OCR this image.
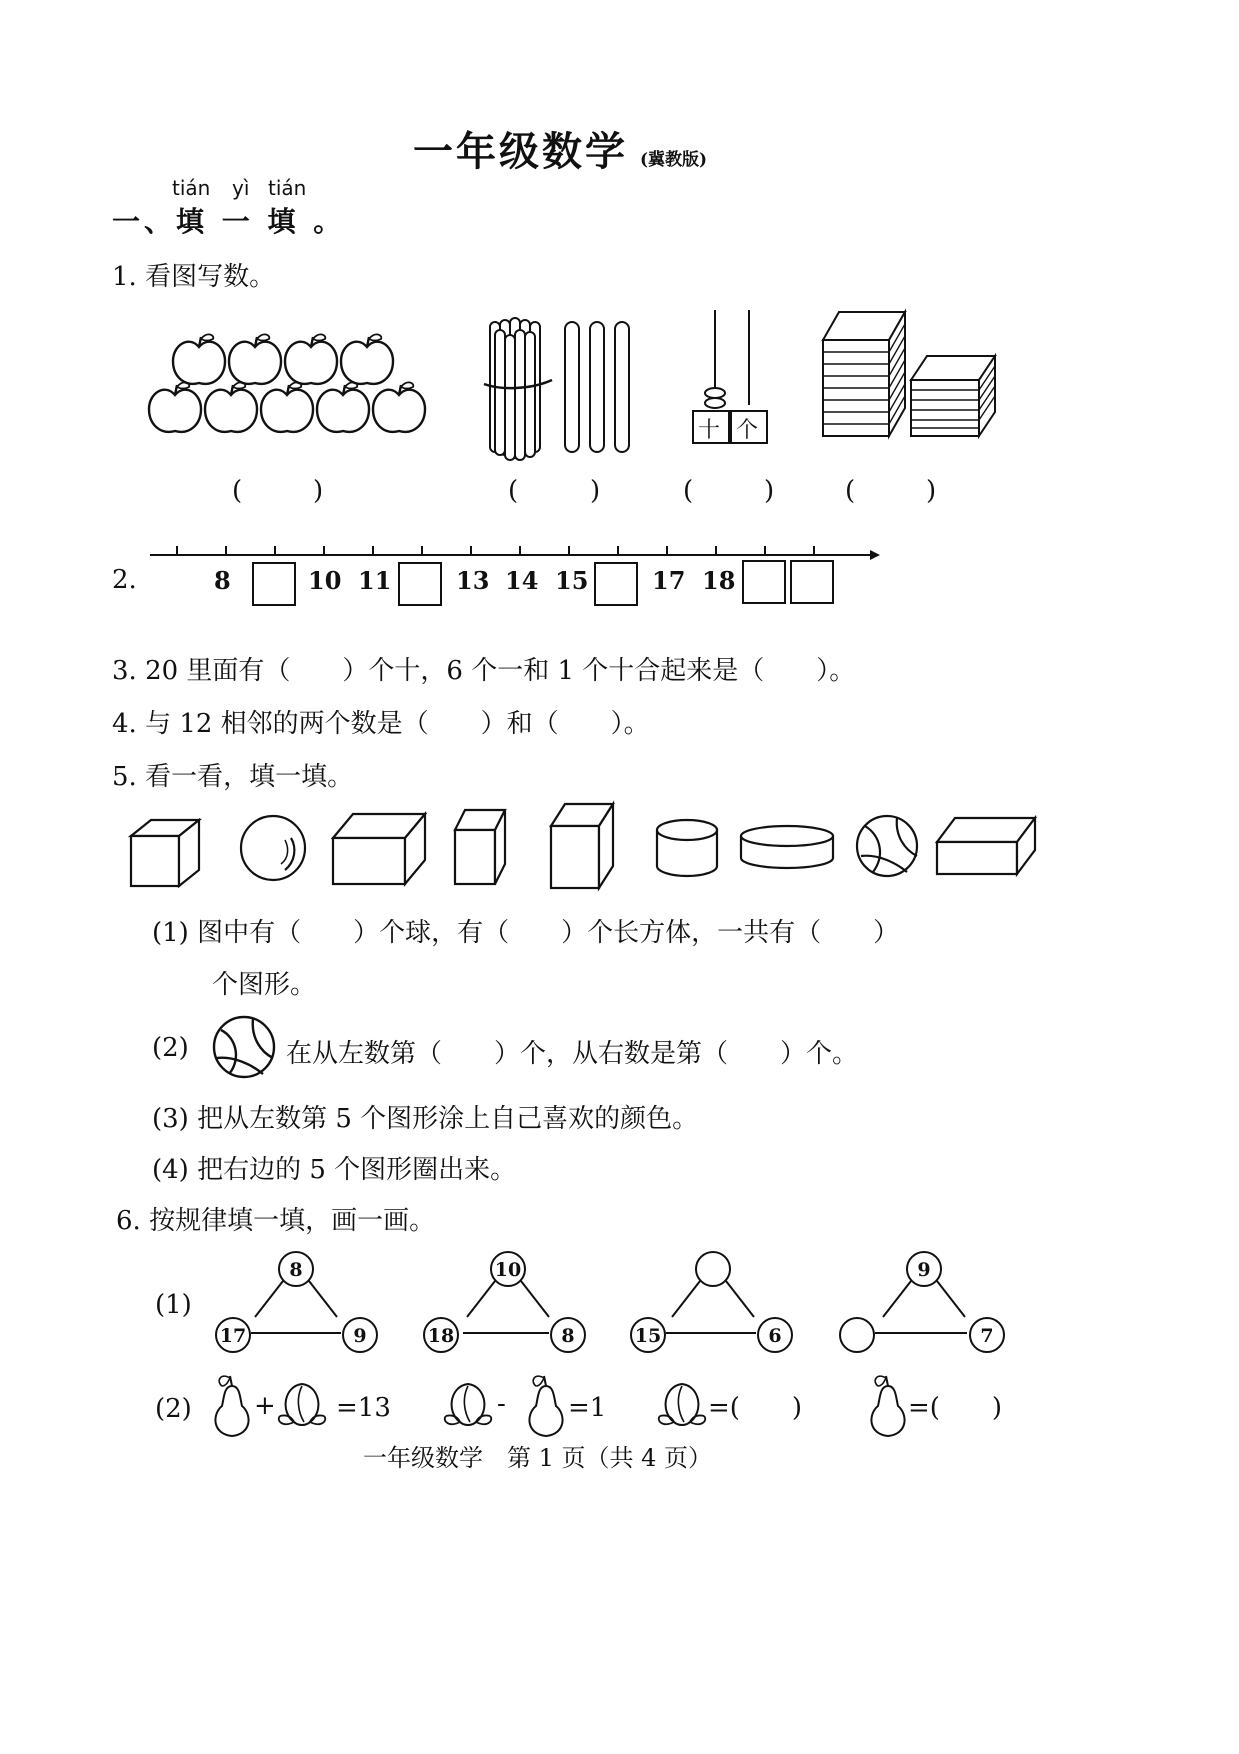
一年级数学 (冀教版)
tián yì tián
一、填 一 填 。
1. 看图写数。
十 个
(	)	(	)	(	)	(	)
2.	8	10 11	13 14 15	17 18
3. 20 里面有（　　）个十，6 个一和 1 个十合起来是（　　）。
4. 与 12 相邻的两个数是（　　）和（　　）。
5. 看一看，填一填。
(1) 图中有（　　）个球，有（　　）个长方体，一共有（　　）
个图形。
(2)	在从左数第（　　）个，从右数是第（　　）个。
(3) 把从左数第 5 个图形涂上自己喜欢的颜色。
(4) 把右边的 5 个图形圈出来。
6. 按规律填一填，画一画。
(1)
8
17	9
10
18	8	15	6
9
7
(2) + =13	- =1	=(　　)	=(　　)
一年级数学　第 1 页（共 4 页）
